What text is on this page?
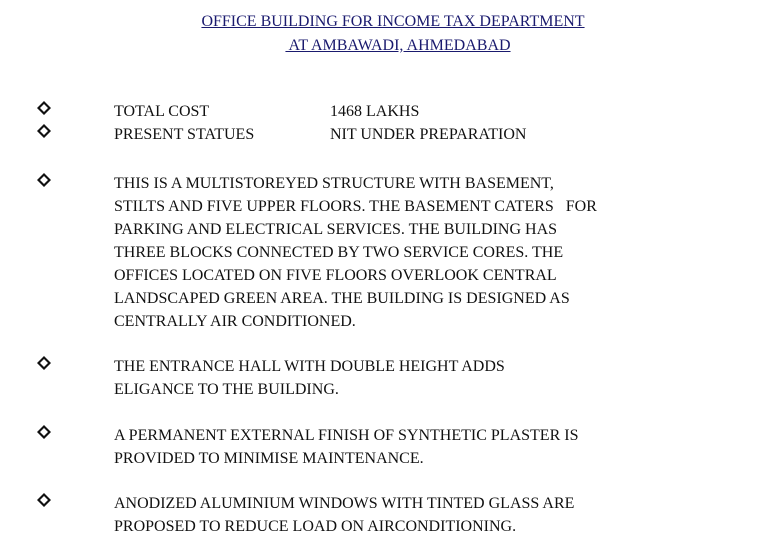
OFFICE BUILDING FOR INCOME TAX DEPARTMENT
AT AMBAWADI, AHMEDABAD
TOTAL COST	1468 LAKHS
PRESENT STATUES	NIT UNDER PREPARATION
THIS IS A MULTISTOREYED STRUCTURE WITH BASEMENT,
STILTS AND FIVE UPPER FLOORS. THE BASEMENT CATERS   FOR
PARKING AND ELECTRICAL SERVICES. THE BUILDING HAS
THREE BLOCKS CONNECTED BY TWO SERVICE CORES. THE
OFFICES LOCATED ON FIVE FLOORS OVERLOOK CENTRAL
LANDSCAPED GREEN AREA. THE BUILDING IS DESIGNED AS
CENTRALLY AIR CONDITIONED.
THE ENTRANCE HALL WITH DOUBLE HEIGHT ADDS
ELIGANCE TO THE BUILDING.
A PERMANENT EXTERNAL FINISH OF SYNTHETIC PLASTER IS
PROVIDED TO MINIMISE MAINTENANCE.
ANODIZED ALUMINIUM WINDOWS WITH TINTED GLASS ARE
PROPOSED TO REDUCE LOAD ON AIRCONDITIONING.
